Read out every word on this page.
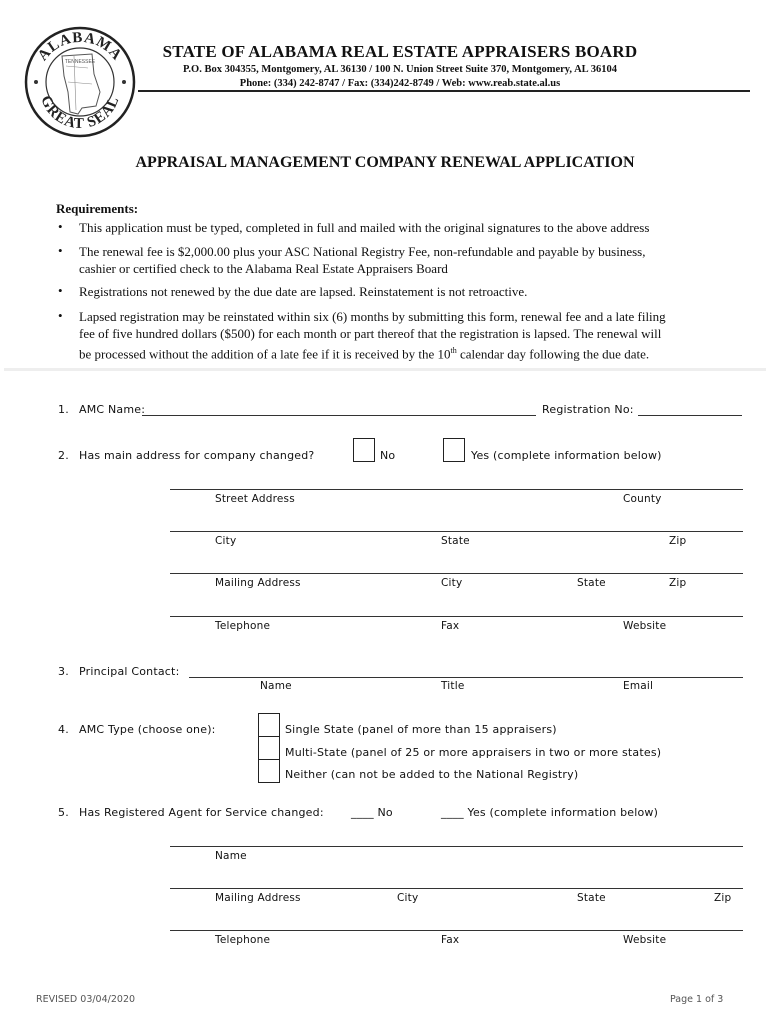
ALABAMA
GREAT SEAL
TENNESSEE
STATE OF ALABAMA REAL ESTATE APPRAISERS BOARD
P.O. Box 304355, Montgomery, AL 36130 / 100 N. Union Street Suite 370, Montgomery, AL 36104
Phone: (334) 242-8747 / Fax: (334)242-8749 / Web: www.reab.state.al.us
APPRAISAL MANAGEMENT COMPANY RENEWAL APPLICATION
Requirements:
• This application must be typed, completed in full and mailed with the original signatures to the above address
• The renewal fee is $2,000.00 plus your ASC National Registry Fee, non-refundable and payable by business,
cashier or certified check to the Alabama Real Estate Appraisers Board
• Registrations not renewed by the due date are lapsed. Reinstatement is not retroactive.
• Lapsed registration may be reinstated within six (6) months by submitting this form, renewal fee and a late filing
fee of five hundred dollars ($500) for each month or part thereof that the registration is lapsed. The renewal will
be processed without the addition of a late fee if it is received by the 10th calendar day following the due date.
1. AMC Name:	Registration No:
2. Has main address for company changed?	No	Yes (complete information below)
Street Address	County
City	State	Zip
Mailing Address	City	State	Zip
Telephone	Fax	Website
3. Principal Contact:
Name	Title	Email
4. AMC Type (choose one):	Single State (panel of more than 15 appraisers)
Multi-State (panel of 25 or more appraisers in two or more states)
Neither (can not be added to the National Registry)
5. Has Registered Agent for Service changed: ____ No	____ Yes (complete information below)
Name
Mailing Address	City	State	Zip
Telephone	Fax	Website
REVISED 03/04/2020	Page 1 of 3
